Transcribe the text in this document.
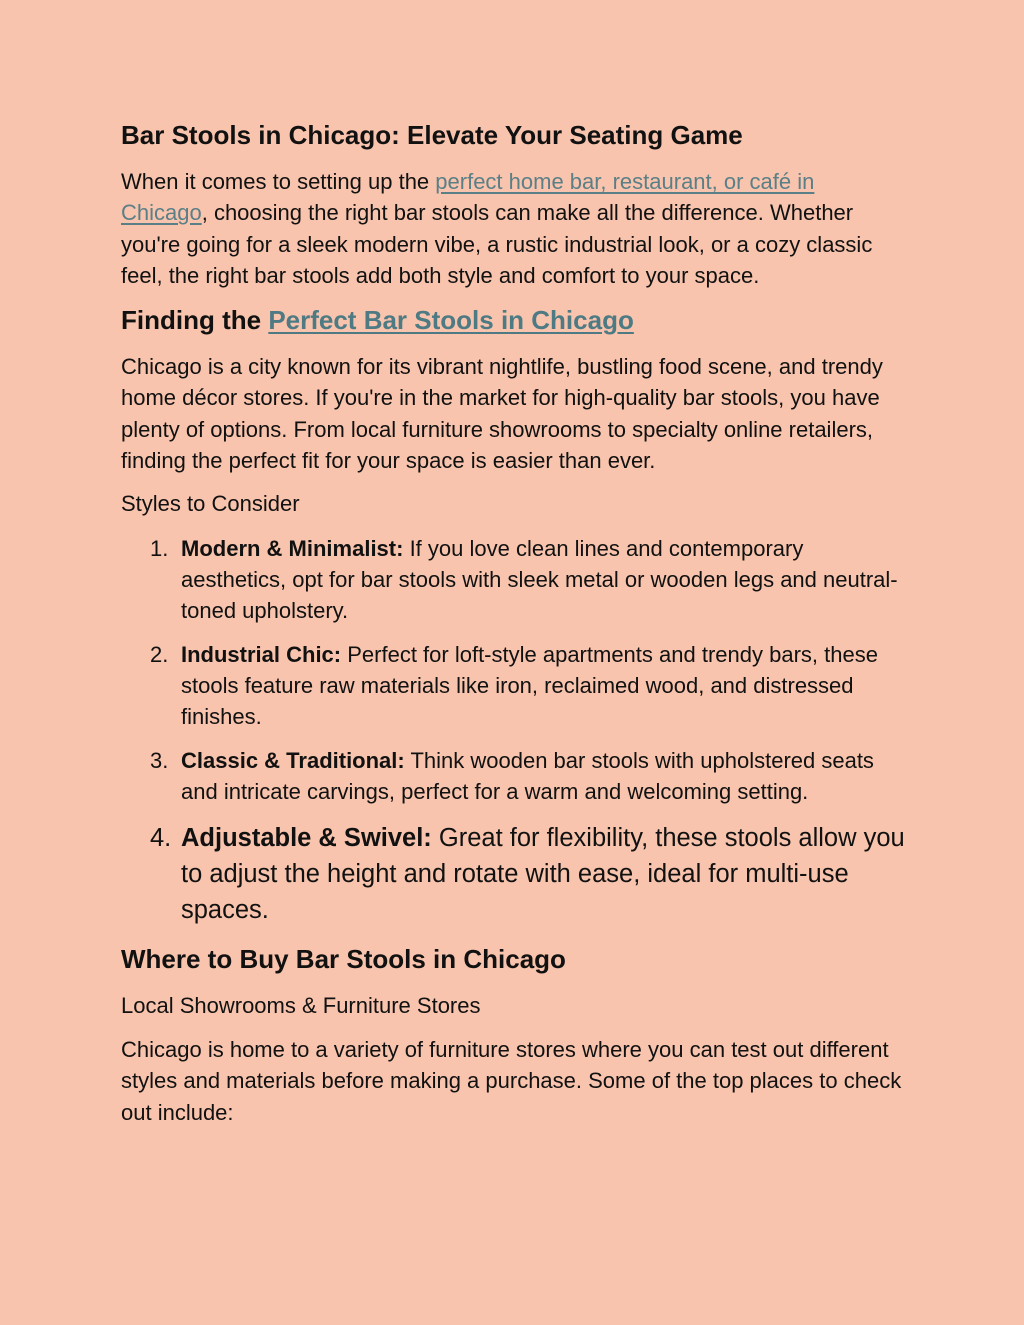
Bar Stools in Chicago: Elevate Your Seating Game

When it comes to setting up the perfect home bar, restaurant, or café in Chicago, choosing the right bar stools can make all the difference. Whether you're going for a sleek modern vibe, a rustic industrial look, or a cozy classic feel, the right bar stools add both style and comfort to your space.

Finding the Perfect Bar Stools in Chicago

Chicago is a city known for its vibrant nightlife, bustling food scene, and trendy home décor stores. If you're in the market for high-quality bar stools, you have plenty of options. From local furniture showrooms to specialty online retailers, finding the perfect fit for your space is easier than ever.

Styles to Consider

1. Modern & Minimalist: If you love clean lines and contemporary aesthetics, opt for bar stools with sleek metal or wooden legs and neutral-toned upholstery.
2. Industrial Chic: Perfect for loft-style apartments and trendy bars, these stools feature raw materials like iron, reclaimed wood, and distressed finishes.
3. Classic & Traditional: Think wooden bar stools with upholstered seats and intricate carvings, perfect for a warm and welcoming setting.
4. Adjustable & Swivel: Great for flexibility, these stools allow you to adjust the height and rotate with ease, ideal for multi-use spaces.
Where to Buy Bar Stools in Chicago

Local Showrooms & Furniture Stores

Chicago is home to a variety of furniture stores where you can test out different styles and materials before making a purchase. Some of the top places to check out include:
